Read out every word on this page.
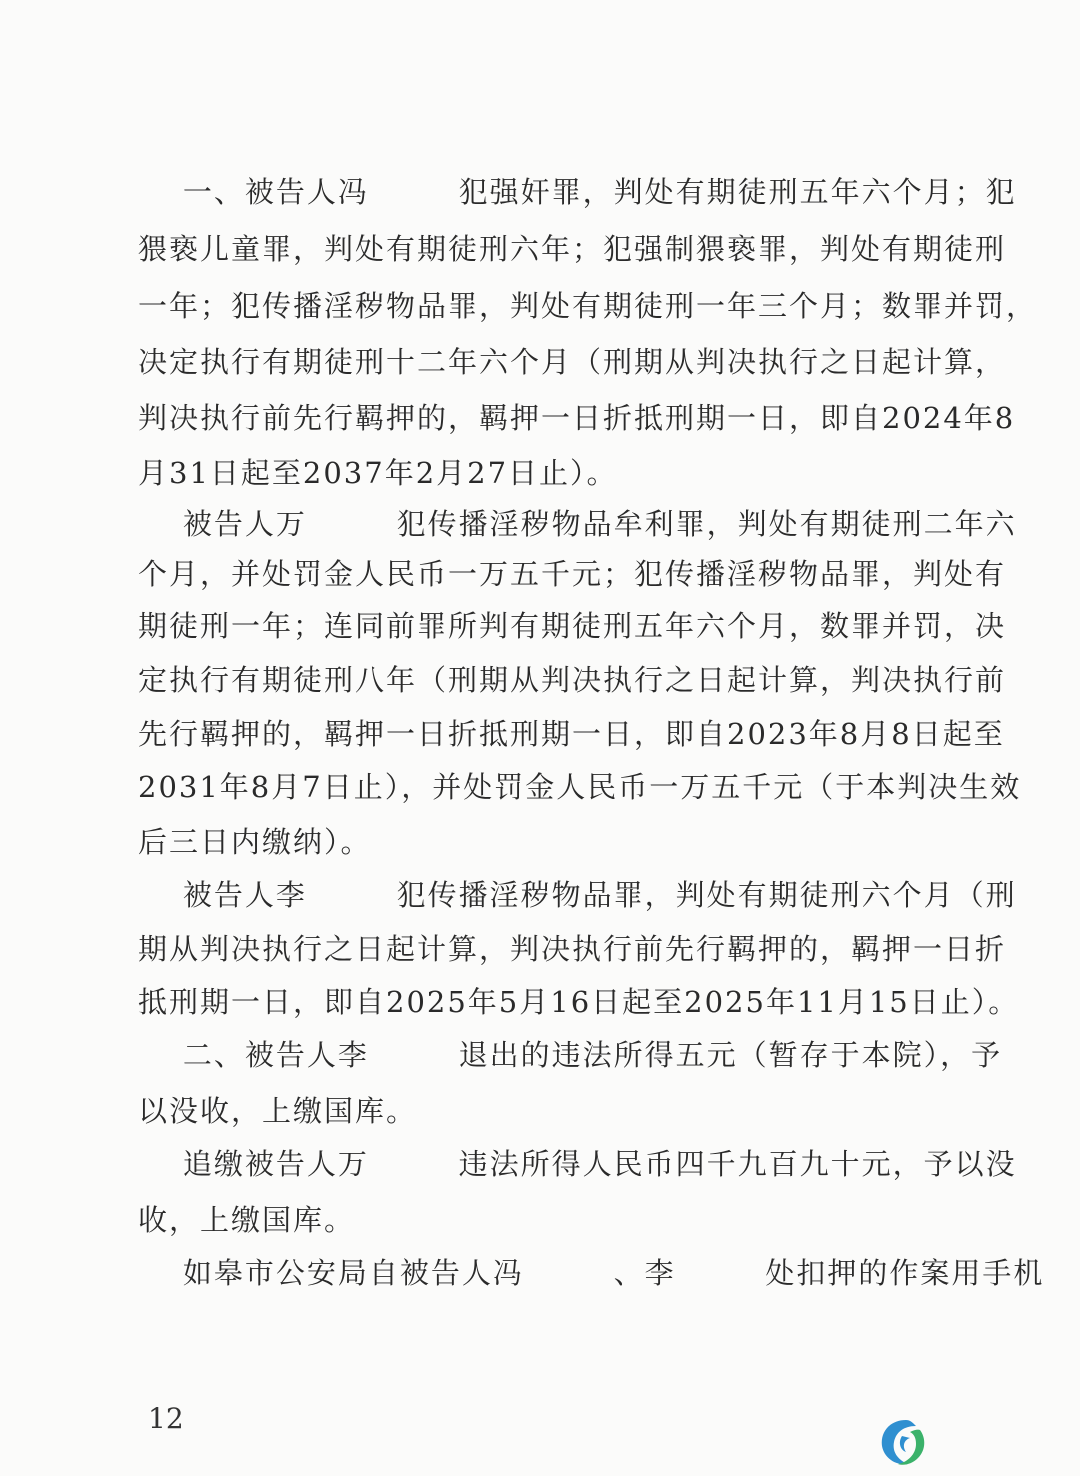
一、被告人冯        犯强奸罪，判处有期徒刑五年六个月；犯
猥亵儿童罪，判处有期徒刑六年；犯强制猥亵罪，判处有期徒刑
一年；犯传播淫秽物品罪，判处有期徒刑一年三个月；数罪并罚，
决定执行有期徒刑十二年六个月（刑期从判决执行之日起计算，
判决执行前先行羁押的，羁押一日折抵刑期一日，即自2024年8
月31日起至2037年2月27日止）。
被告人万        犯传播淫秽物品牟利罪，判处有期徒刑二年六
个月，并处罚金人民币一万五千元；犯传播淫秽物品罪，判处有
期徒刑一年；连同前罪所判有期徒刑五年六个月，数罪并罚，决
定执行有期徒刑八年（刑期从判决执行之日起计算，判决执行前
先行羁押的，羁押一日折抵刑期一日，即自2023年8月8日起至
2031年8月7日止），并处罚金人民币一万五千元（于本判决生效
后三日内缴纳）。
被告人李        犯传播淫秽物品罪，判处有期徒刑六个月（刑
期从判决执行之日起计算，判决执行前先行羁押的，羁押一日折
抵刑期一日，即自2025年5月16日起至2025年11月15日止）。
二、被告人李        退出的违法所得五元（暂存于本院），予
以没收，上缴国库。
追缴被告人万        违法所得人民币四千九百九十元，予以没
收，上缴国库。
如皋市公安局自被告人冯        、李        处扣押的作案用手机
12
